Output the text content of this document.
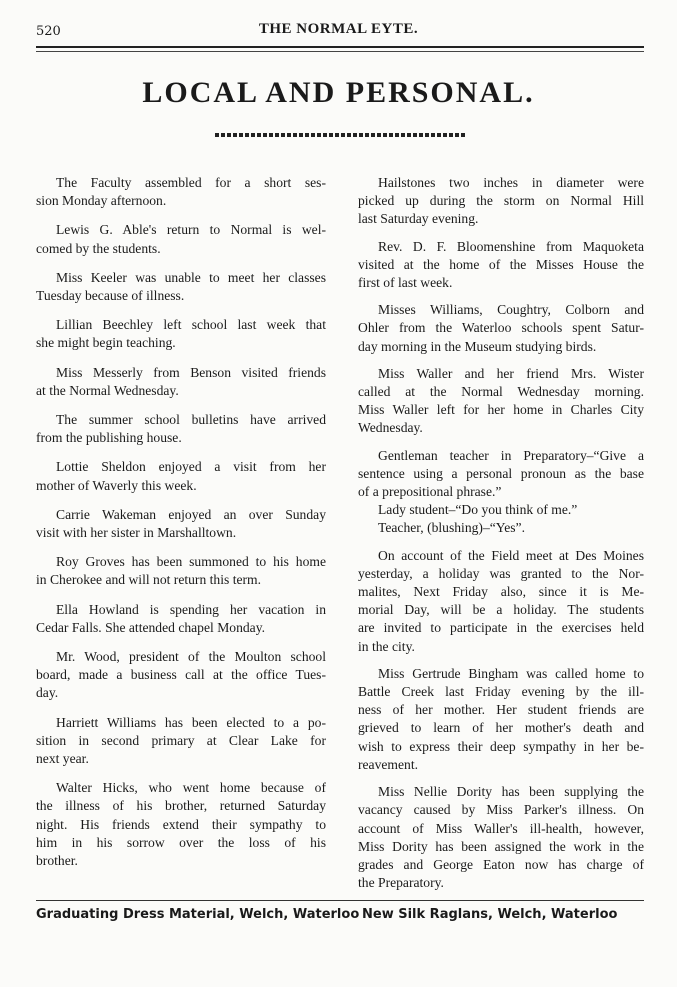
520	THE NORMAL EYTE.
LOCAL AND PERSONAL.
The Faculty assembled for a short ses-
sion Monday afternoon.
Lewis G. Able's return to Normal is wel-
comed by the students.
Miss Keeler was unable to meet her classes
Tuesday because of illness.
Lillian Beechley left school last week that
she might begin teaching.
Miss Messerly from Benson visited friends
at the Normal Wednesday.
The summer school bulletins have arrived
from the publishing house.
Lottie Sheldon enjoyed a visit from her
mother of Waverly this week.
Carrie Wakeman enjoyed an over Sunday
visit with her sister in Marshalltown.
Roy Groves has been summoned to his home
in Cherokee and will not return this term.
Ella Howland is spending her vacation in
Cedar Falls. She attended chapel Monday.
Mr. Wood, president of the Moulton school
board, made a business call at the office Tues-
day.
Harriett Williams has been elected to a po-
sition in second primary at Clear Lake for
next year.
Walter Hicks, who went home because of
the illness of his brother, returned Saturday
night. His friends extend their sympathy to
him in his sorrow over the loss of his
brother.
Hailstones two inches in diameter were
picked up during the storm on Normal Hill
last Saturday evening.
Rev. D. F. Bloomenshine from Maquoketa
visited at the home of the Misses House the
first of last week.
Misses Williams, Coughtry, Colborn and
Ohler from the Waterloo schools spent Satur-
day morning in the Museum studying birds.
Miss Waller and her friend Mrs. Wister
called at the Normal Wednesday morning.
Miss Waller left for her home in Charles City
Wednesday.
Gentleman teacher in Preparatory–“Give a
sentence using a personal pronoun as the base
of a prepositional phrase.”
Lady student–“Do you think of me.”
Teacher, (blushing)–“Yes”.
On account of the Field meet at Des Moines
yesterday, a holiday was granted to the Nor-
malites, Next Friday also, since it is Me-
morial Day, will be a holiday. The students
are invited to participate in the exercises held
in the city.
Miss Gertrude Bingham was called home to
Battle Creek last Friday evening by the ill-
ness of her mother. Her student friends are
grieved to learn of her mother's death and
wish to express their deep sympathy in her be-
reavement.
Miss Nellie Dority has been supplying the
vacancy caused by Miss Parker's illness. On
account of Miss Waller's ill-health, however,
Miss Dority has been assigned the work in the
grades and George Eaton now has charge of
the Preparatory.
Graduating Dress Material, Welch, Waterloo New Silk Raglans, Welch, Waterloo
